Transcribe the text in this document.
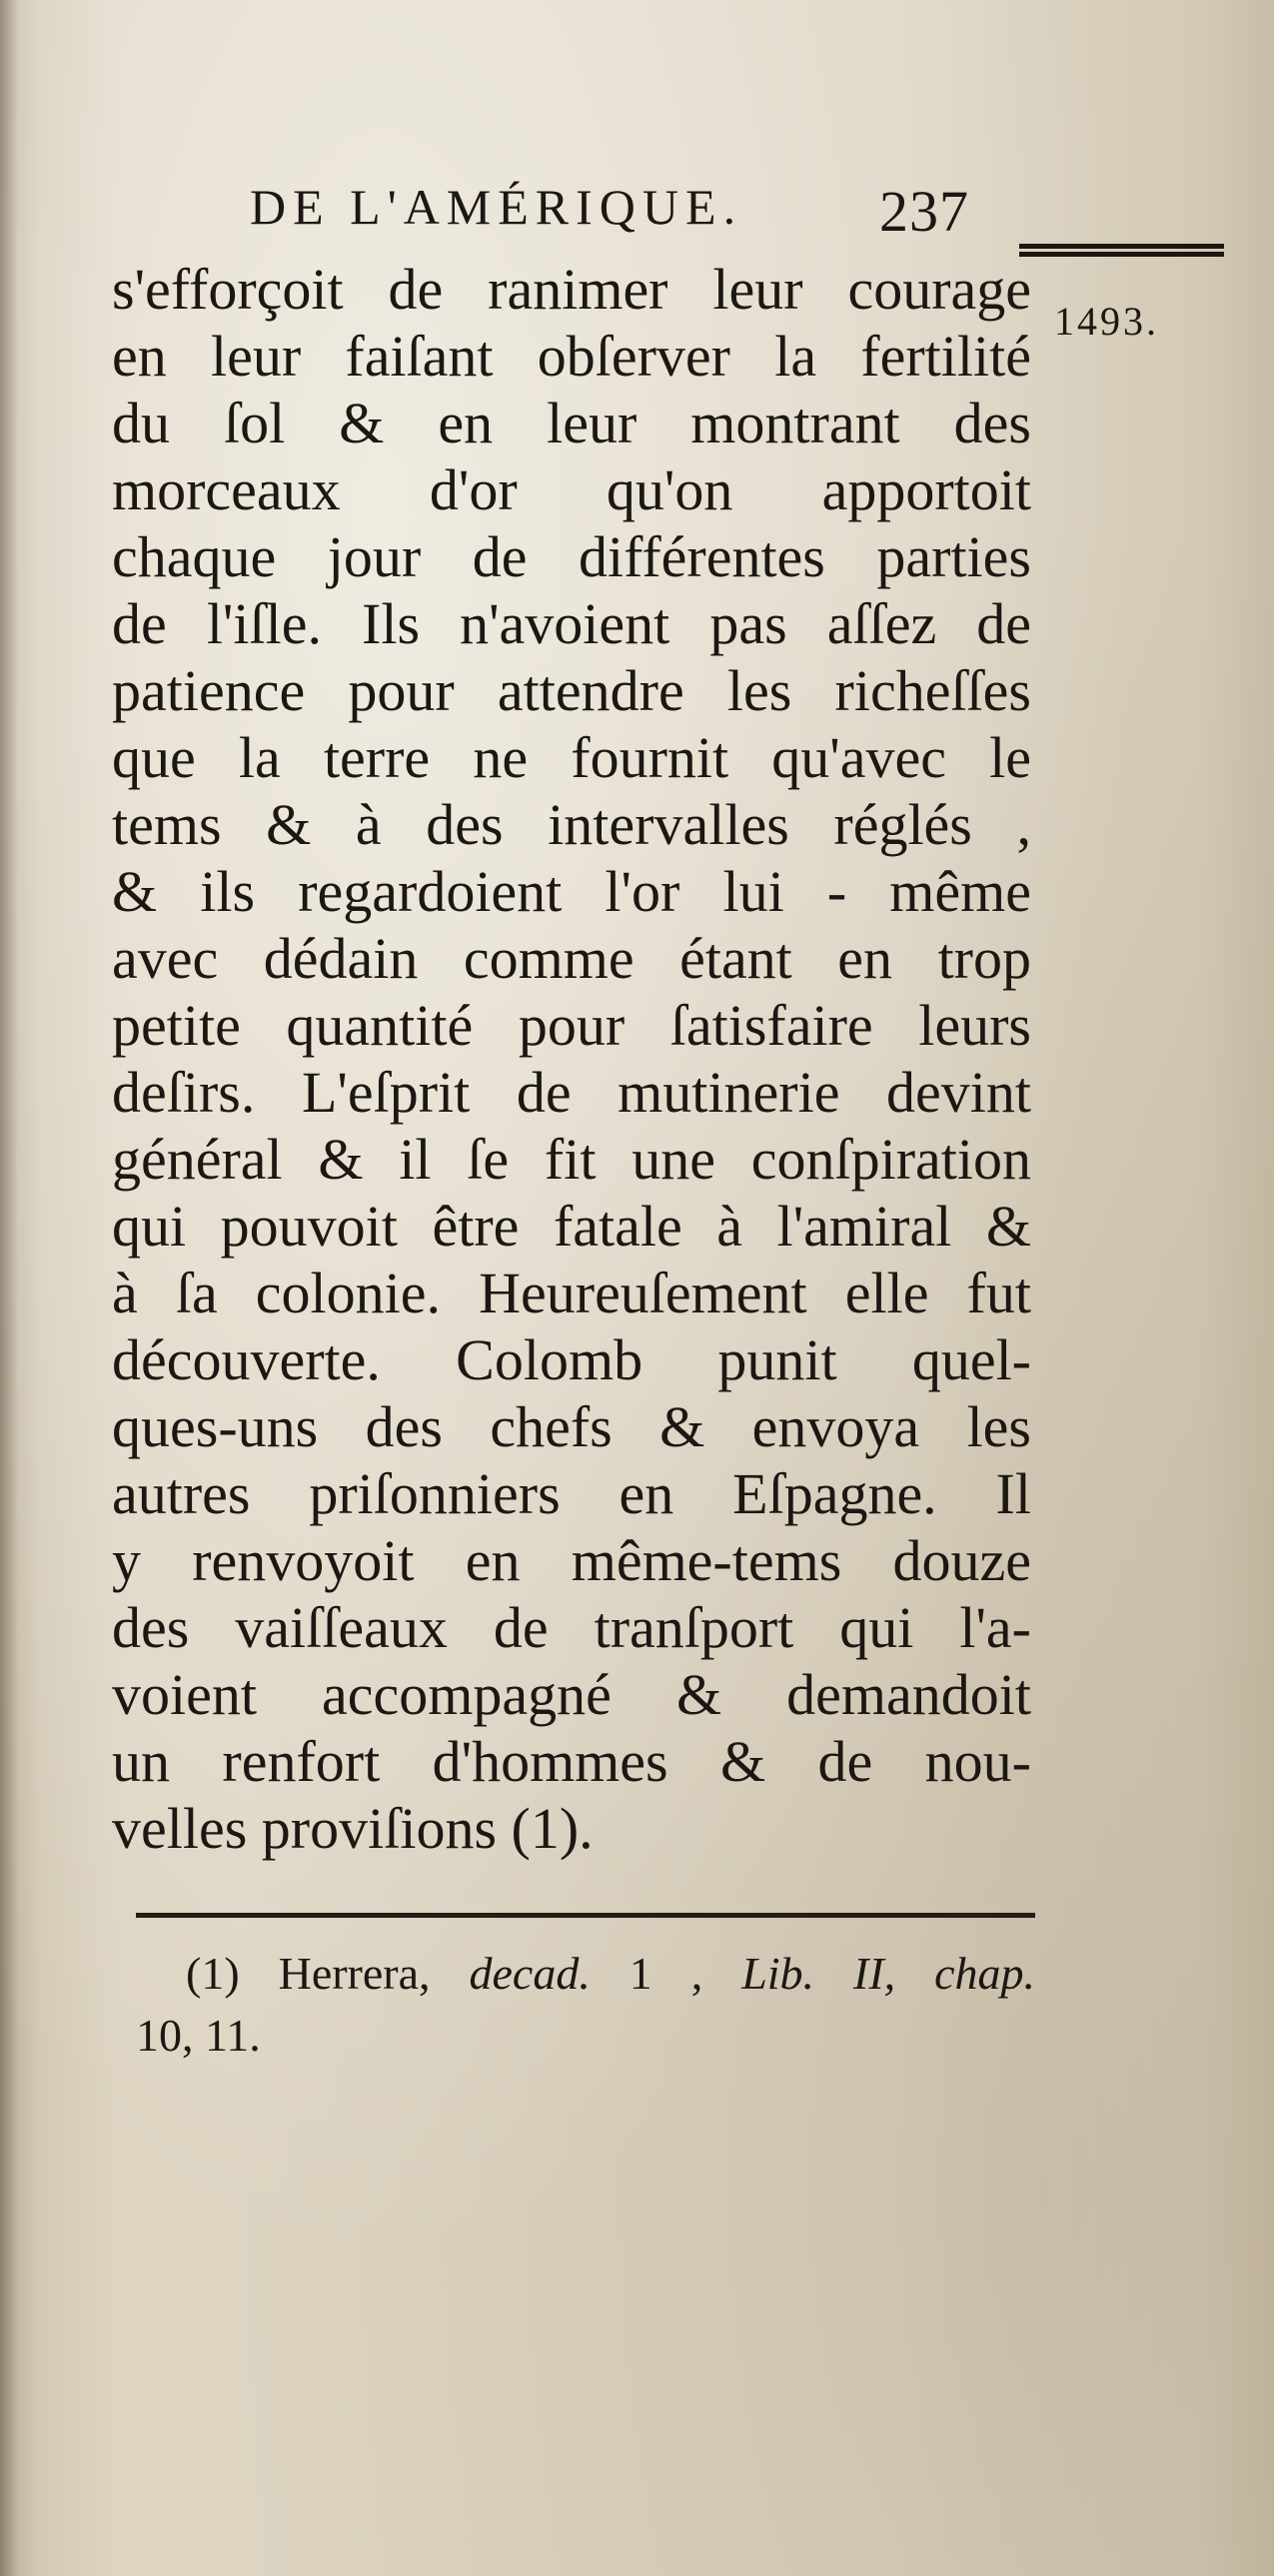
DE L'AMÉRIQUE. 237
1493.
s'efforçoit de ranimer leur courage
en leur faiſant obſerver la fertilité
du ſol & en leur montrant des
morceaux d'or qu'on apportoit
chaque jour de différentes parties
de l'iſle. Ils n'avoient pas aſſez de
patience pour attendre les richeſſes
que la terre ne fournit qu'avec le
tems & à des intervalles réglés ,
& ils regardoient l'or lui - même
avec dédain comme étant en trop
petite quantité pour ſatisfaire leurs
deſirs. L'eſprit de mutinerie devint
général & il ſe fit une conſpiration
qui pouvoit être fatale à l'amiral &
à ſa colonie. Heureuſement elle fut
découverte. Colomb punit quel-
ques-uns des chefs & envoya les
autres priſonniers en Eſpagne. Il
y renvoyoit en même-tems douze
des vaiſſeaux de tranſport qui l'a-
voient accompagné & demandoit
un renfort d'hommes & de nou-
velles proviſions (1).
(1) Herrera, decad. 1 , Lib. II, chap.
10, 11.
